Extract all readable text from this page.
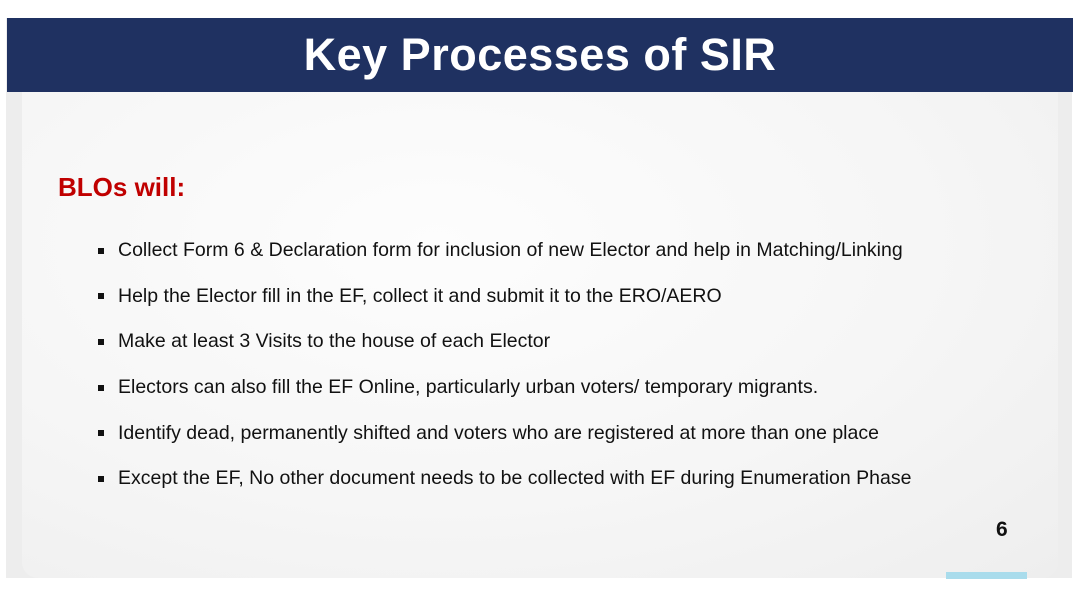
Key Processes of SIR
BLOs will:
Collect Form 6 & Declaration form for inclusion of new Elector and help in Matching/Linking
Help the Elector fill in the EF, collect it and submit it to the ERO/AERO
Make at least 3 Visits to the house of each Elector
Electors can also fill the EF Online, particularly urban voters/ temporary migrants.
Identify dead, permanently shifted and voters who are registered at more than one place
Except the EF, No other document needs to be collected with EF during Enumeration Phase
6
